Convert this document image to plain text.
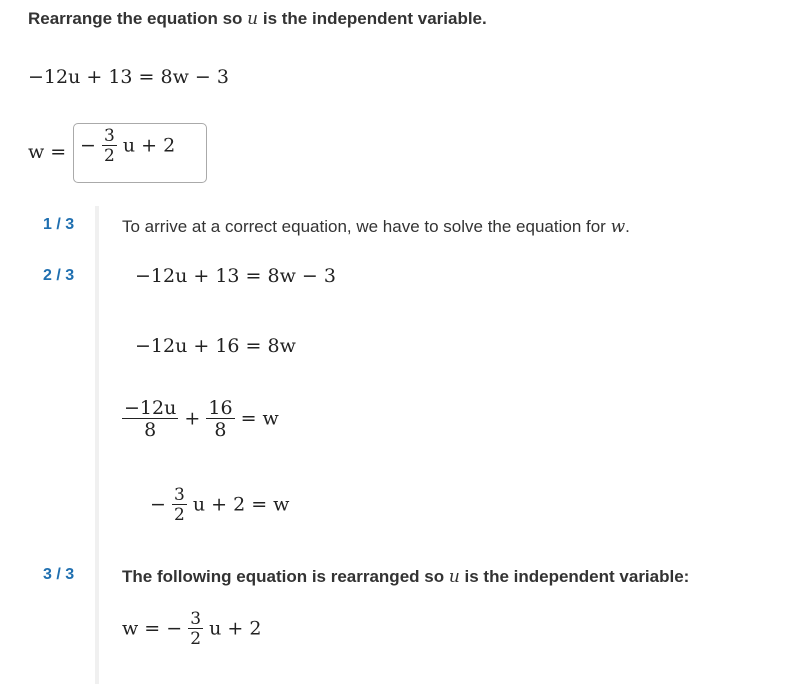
Rearrange the equation so u is the independent variable.
−12u + 13 = 8w − 3
w = − $\frac{3}{2}$ u + 2
1 / 3	To arrive at a correct equation, we have to solve the equation for w.
2 / 3	−12u + 13 = 8w − 3
−12u + 16 = 8w
$\frac{-12u}{8} + \frac{16}{8} = w$
− $\frac{3}{2}$ u + 2 = w
3 / 3	The following equation is rearranged so u is the independent variable:
w = − $\frac{3}{2}$ u + 2
